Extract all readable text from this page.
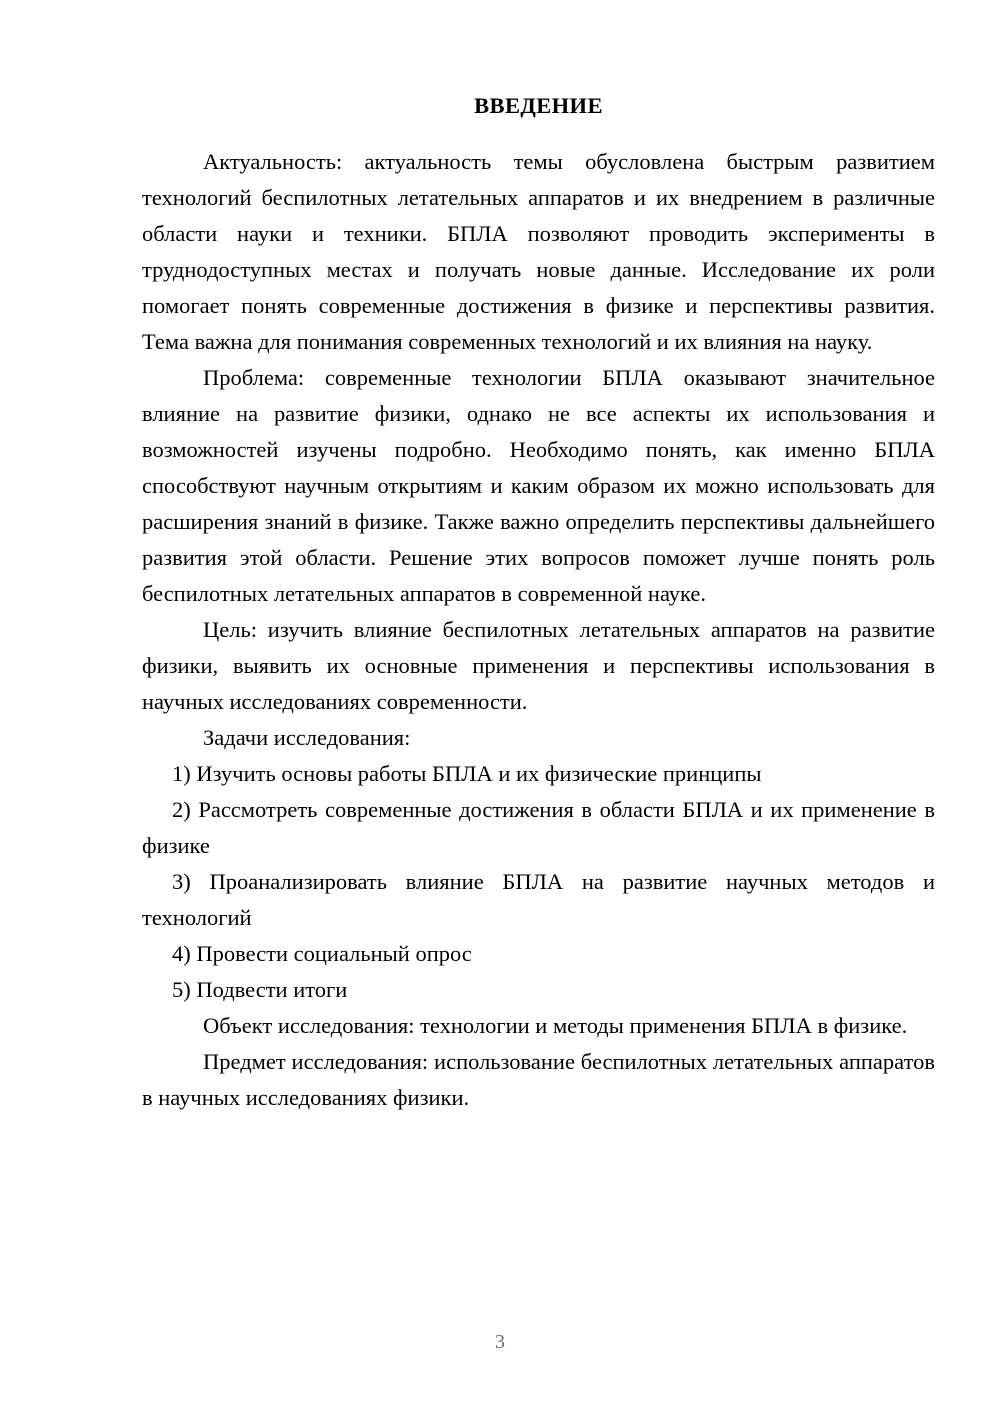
ВВЕДЕНИЕ

Актуальность: актуальность темы обусловлена быстрым развитием технологий беспилотных летательных аппаратов и их внедрением в различные области науки и техники. БПЛА позволяют проводить эксперименты в труднодоступных местах и получать новые данные. Исследование их роли помогает понять современные достижения в физике и перспективы развития. Тема важна для понимания современных технологий и их влияния на науку.

Проблема: современные технологии БПЛА оказывают значительное влияние на развитие физики, однако не все аспекты их использования и возможностей изучены подробно. Необходимо понять, как именно БПЛА способствуют научным открытиям и каким образом их можно использовать для расширения знаний в физике. Также важно определить перспективы дальнейшего развития этой области. Решение этих вопросов поможет лучше понять роль беспилотных летательных аппаратов в современной науке.

Цель: изучить влияние беспилотных летательных аппаратов на развитие физики, выявить их основные применения и перспективы использования в научных исследованиях современности.

Задачи исследования:

1) Изучить основы работы БПЛА и их физические принципы

2) Рассмотреть современные достижения в области БПЛА и их применение в физике

3) Проанализировать влияние БПЛА на развитие научных методов и технологий

4) Провести социальный опрос

5) Подвести итоги

Объект исследования: технологии и методы применения БПЛА в физике.

Предмет исследования: использование беспилотных летательных аппаратов в научных исследованиях физики.

3
